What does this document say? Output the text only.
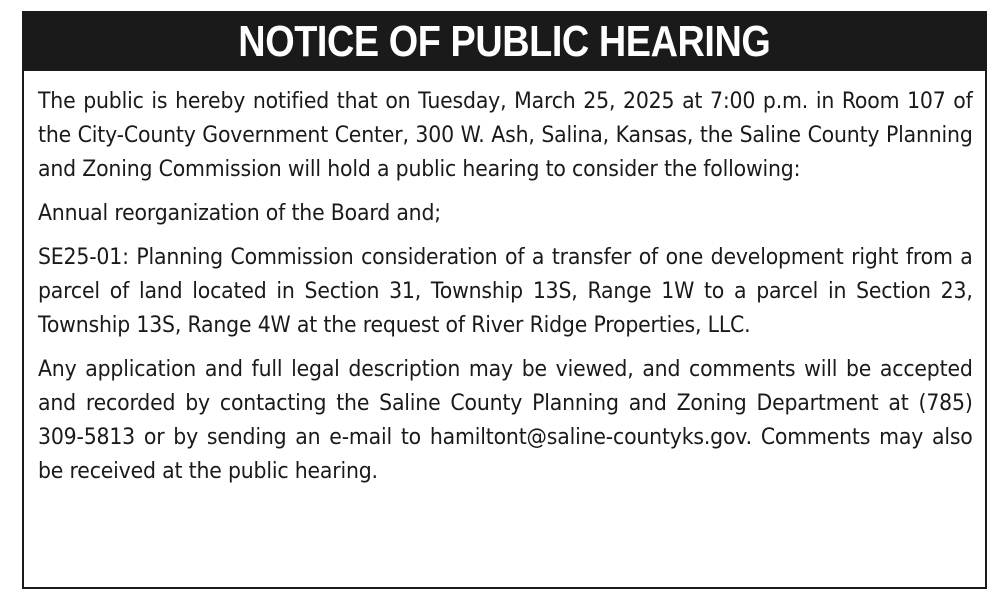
NOTICE OF PUBLIC HEARING

The public is hereby notified that on Tuesday, March 25, 2025 at 7:00 p.m. in Room 107 of the City-County Government Center, 300 W. Ash, Salina, Kansas, the Saline County Planning and Zoning Commission will hold a public hearing to consider the following:

Annual reorganization of the Board and;

SE25-01: Planning Commission consideration of a transfer of one development right from a parcel of land located in Section 31, Township 13S, Range 1W to a parcel in Section 23, Township 13S, Range 4W at the request of River Ridge Properties, LLC.

Any application and full legal description may be viewed, and comments will be accepted and recorded by contacting the Saline County Planning and Zoning Department at (785) 309-5813 or by sending an e-mail to hamiltont@saline-countyks.gov. Comments may also be received at the public hearing.
